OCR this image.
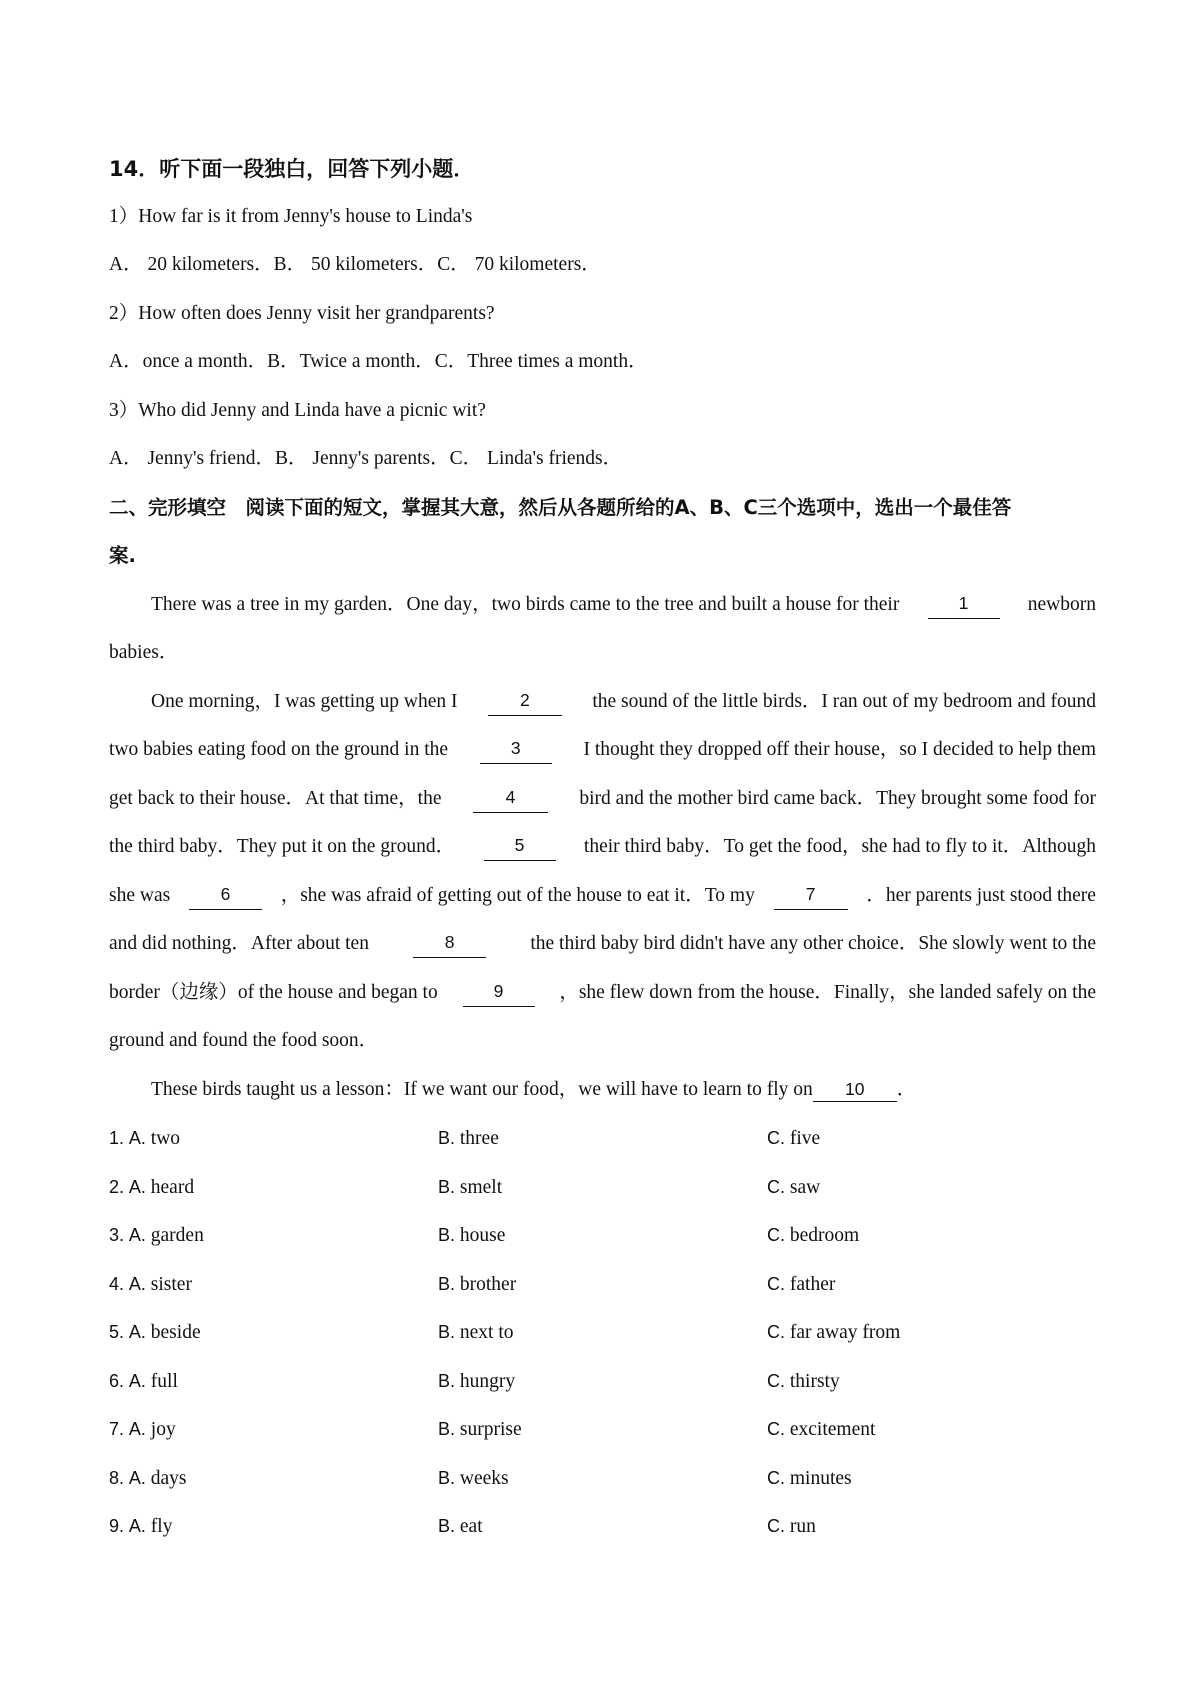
14．听下面一段独白，回答下列小题．
1）How far is it from Jenny's house to Linda's
A． 20 kilometers．B． 50 kilometers．C． 70 kilometers．
2）How often does Jenny visit her grandparents?
A．once a month．B．Twice a month．C．Three times a month．
3）Who did Jenny and Linda have a picnic wit?
A． Jenny's friend．B． Jenny's parents．C． Linda's friends．
二、完形填空　阅读下面的短文，掌握其大意，然后从各题所给的A、B、C三个选项中，选出一个最佳答
案.
There was a tree in my garden．One day，two birds came to the tree and built a house for their	1	newborn
babies．
One morning，I was getting up when I	2	the sound of the little birds．I ran out of my bedroom and found
two babies eating food on the ground in the	3	I thought they dropped off their house，so I decided to help them
get back to their house．At that time，the	4	bird and the mother bird came back．They brought some food for
the third baby．They put it on the ground．	5	their third baby．To get the food，she had to fly to it．Although
she was	6	，she was afraid of getting out of the house to eat it．To my	7	．her parents just stood there
and did nothing．After about ten	8	the third baby bird didn't have any other choice．She slowly went to the
border（边缘）of the house and began to	9	，she flew down from the house．Finally，she landed safely on the
ground and found the food soon．
These birds taught us a lesson：If we want our food，we will have to learn to fly on 10 ．
1. A. two	B. three	C. five
2. A. heard	B. smelt	C. saw
3. A. garden	B. house	C. bedroom
4. A. sister	B. brother	C. father
5. A. beside	B. next to	C. far away from
6. A. full	B. hungry	C. thirsty
7. A. joy	B. surprise	C. excitement
8. A. days	B. weeks	C. minutes
9. A. fly	B. eat	C. run
